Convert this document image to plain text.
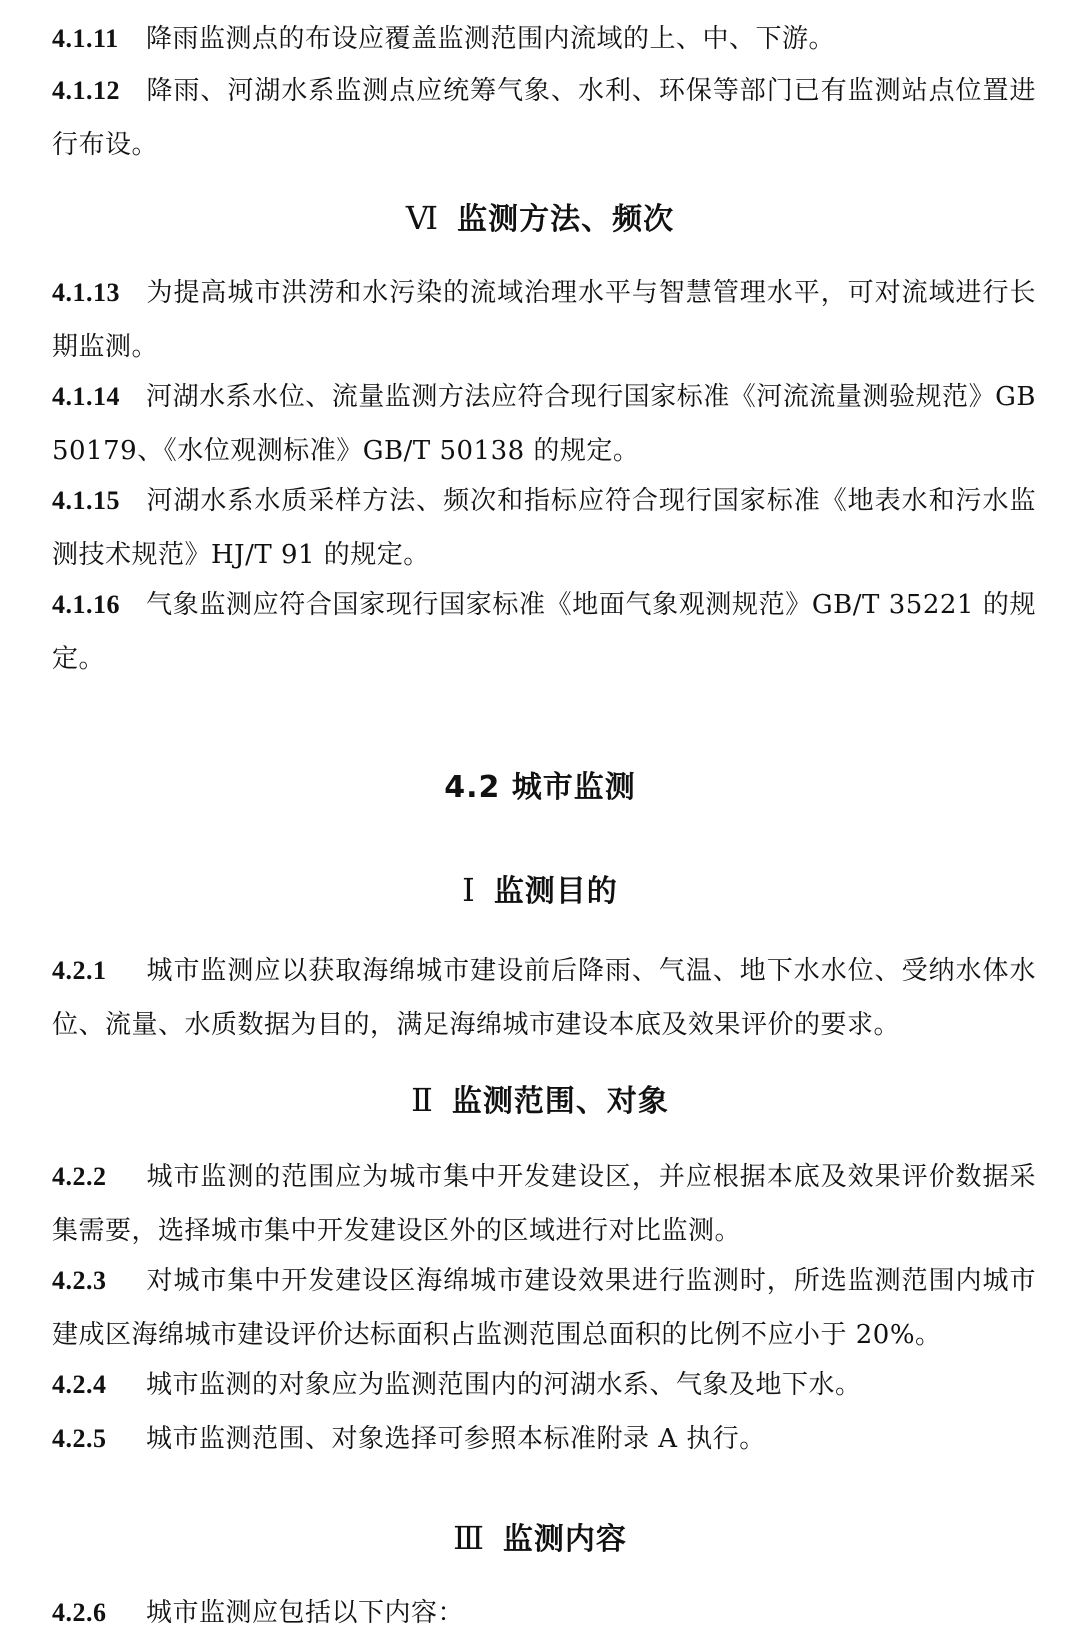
4.1.11 降雨监测点的布设应覆盖监测范围内流域的上、中、下游。

4.1.12 降雨、河湖水系监测点应统筹气象、水利、环保等部门已有监测站点位置进行布设。

Ⅵ 监测方法、频次

4.1.13 为提高城市洪涝和水污染的流域治理水平与智慧管理水平，可对流域进行长期监测。

4.1.14 河湖水系水位、流量监测方法应符合现行国家标准《河流流量测验规范》GB 50179、《水位观测标准》GB/T 50138 的规定。

4.1.15 河湖水系水质采样方法、频次和指标应符合现行国家标准《地表水和污水监测技术规范》HJ/T 91 的规定。

4.1.16 气象监测应符合国家现行国家标准《地面气象观测规范》GB/T 35221 的规定。

4.2 城市监测
Ⅰ 监测目的

4.2.1 城市监测应以获取海绵城市建设前后降雨、气温、地下水水位、受纳水体水位、流量、水质数据为目的，满足海绵城市建设本底及效果评价的要求。

Ⅱ 监测范围、对象

4.2.2 城市监测的范围应为城市集中开发建设区，并应根据本底及效果评价数据采集需要，选择城市集中开发建设区外的区域进行对比监测。

4.2.3 对城市集中开发建设区海绵城市建设效果进行监测时，所选监测范围内城市建成区海绵城市建设评价达标面积占监测范围总面积的比例不应小于 20%。

4.2.4 城市监测的对象应为监测范围内的河湖水系、气象及地下水。

4.2.5 城市监测范围、对象选择可参照本标准附录 A 执行。

Ⅲ 监测内容

4.2.6 城市监测应包括以下内容：
